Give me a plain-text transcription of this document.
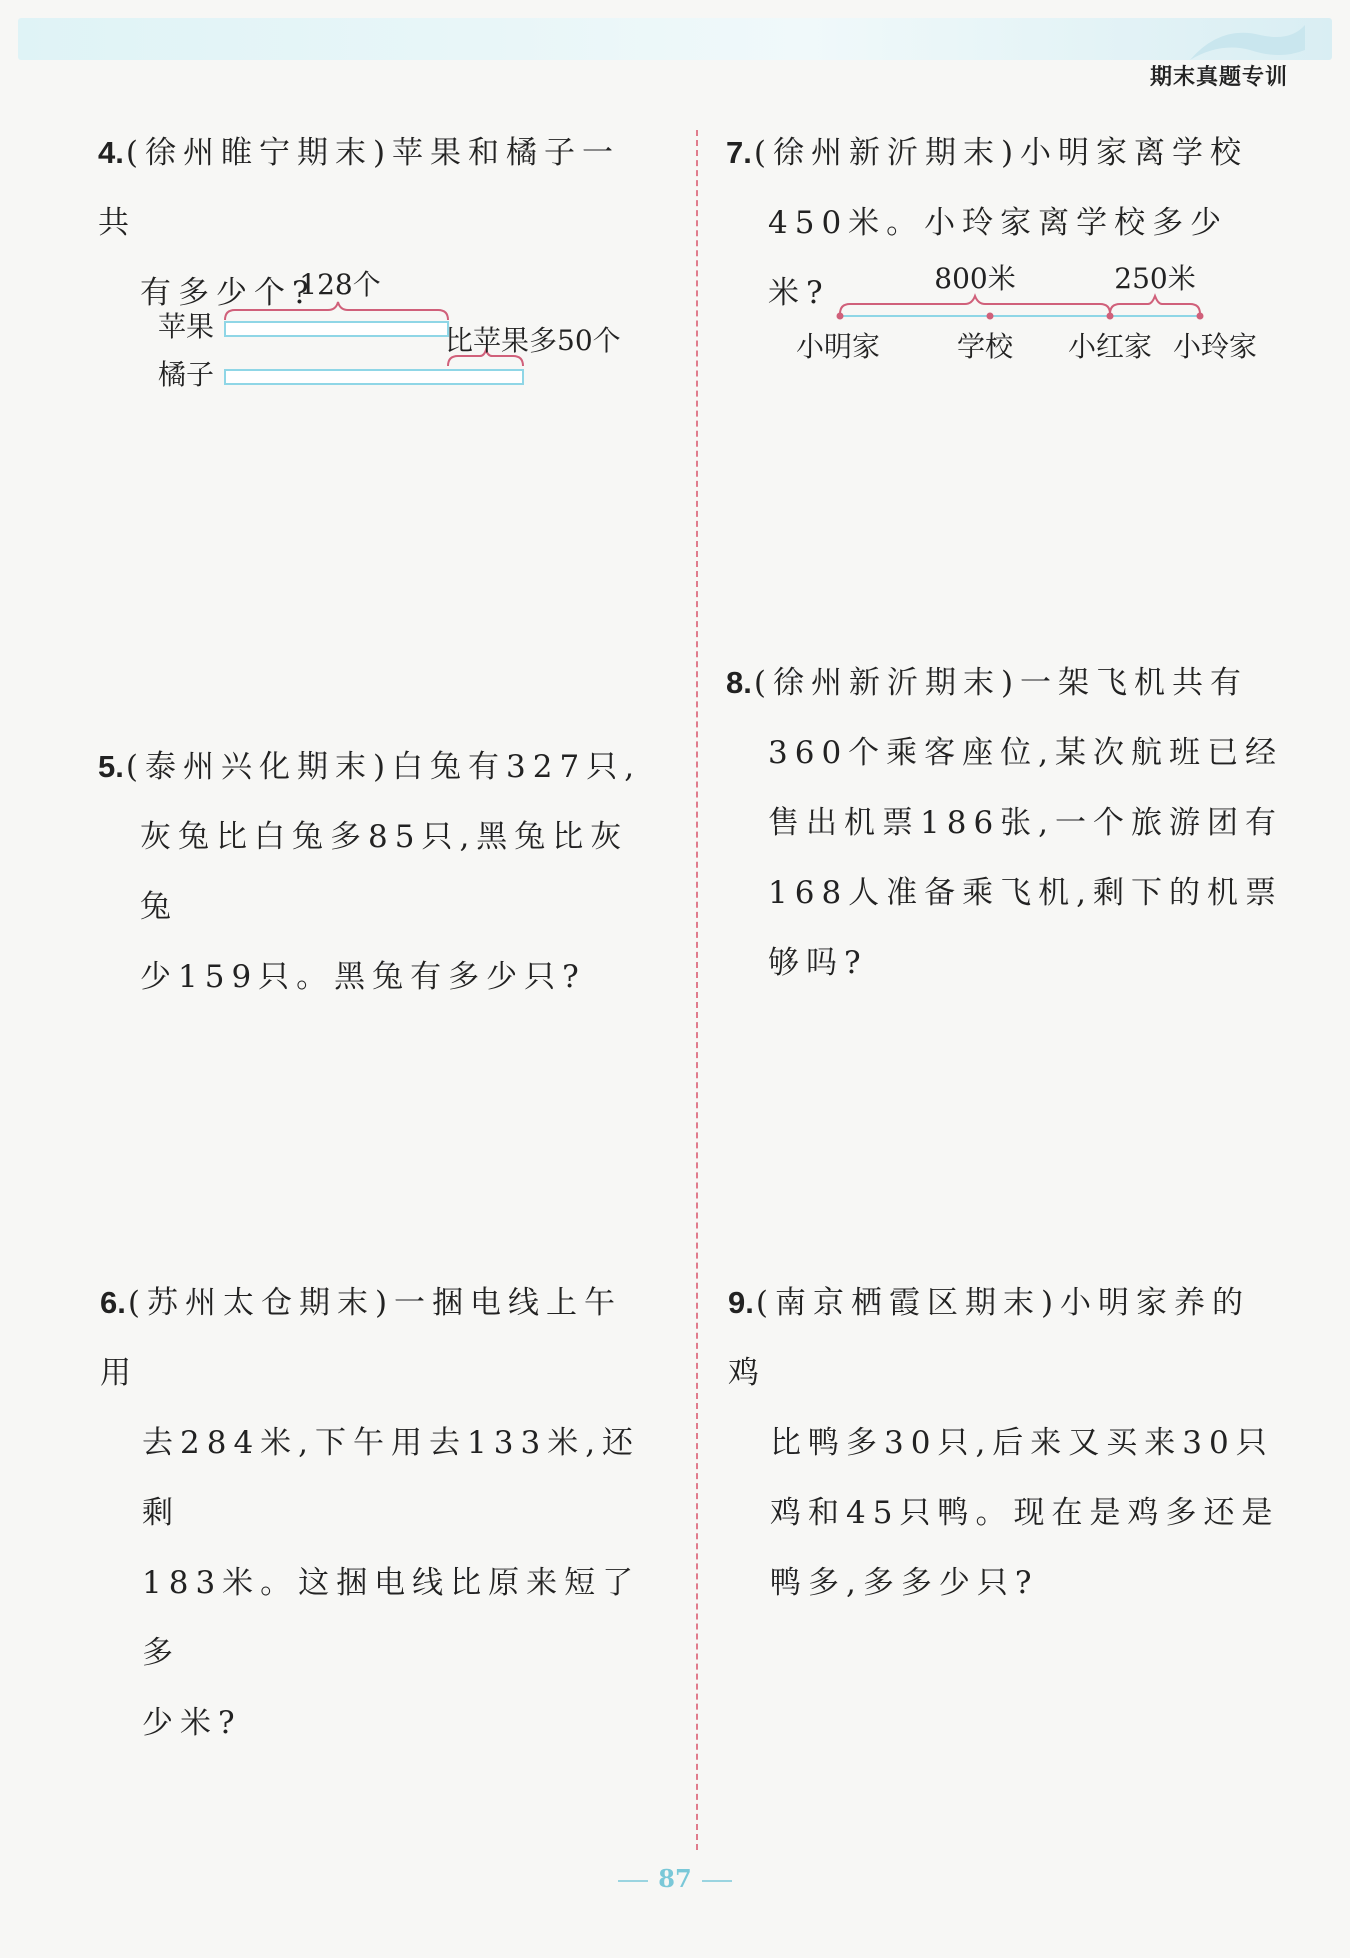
期末真题专训

4.(徐州睢宁期末)苹果和橘子一共

有多少个?

128个
苹果
橘子
比苹果多50个

5.(泰州兴化期末)白兔有327只,

灰兔比白兔多85只,黑兔比灰兔

少159只。黑兔有多少只?

6.(苏州太仓期末)一捆电线上午用

去284米,下午用去133米,还剩

183米。这捆电线比原来短了多

少米?

7.(徐州新沂期末)小明家离学校

450米。小玲家离学校多少米?	800米	250米
小明家	学校 小红家 小玲家

8.(徐州新沂期末)一架飞机共有

360个乘客座位,某次航班已经

售出机票186张,一个旅游团有

168人准备乘飞机,剩下的机票

够吗?

9.(南京栖霞区期末)小明家养的鸡

比鸭多30只,后来又买来30只

鸡和45只鸭。现在是鸡多还是

鸭多,多多少只?

87
